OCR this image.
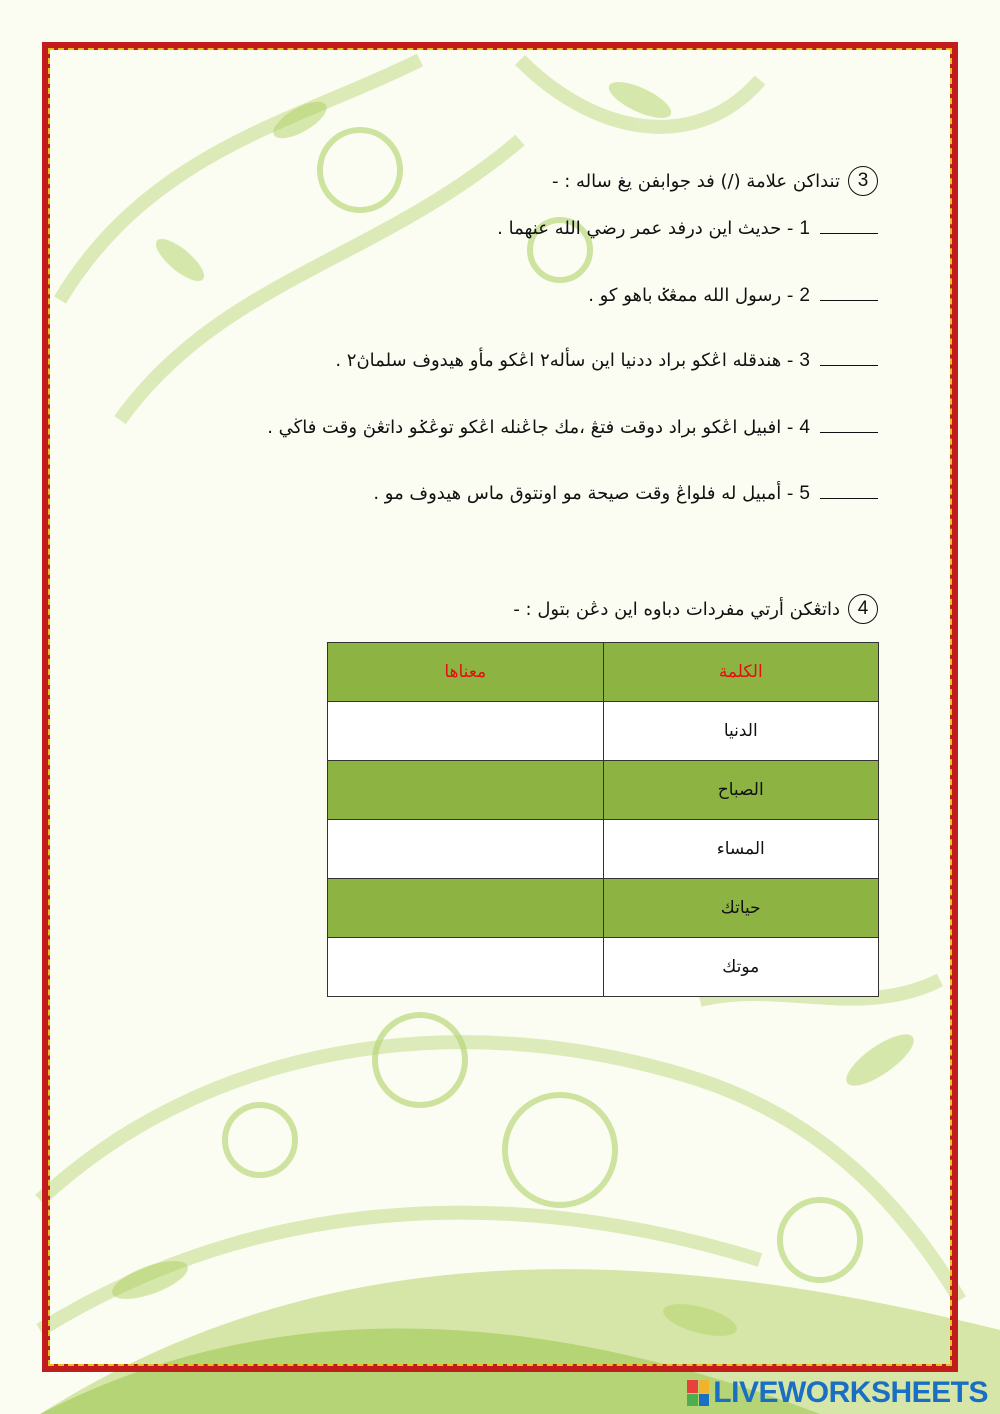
3
تنداكن علامة (/) فد جوابفن يغ ساله : -
1
- حديث اين درفد عمر رضي الله عنهما .
2
- رسول الله ممڠݢ باهو كو .
3
- هندقله اڠكو براد ددنيا اين سأله٢ اڠكو مأو هيدوف سلماڽ٢ .
4
- افبيل اڠكو براد دوقت فتڠ ،مك جاڠنله اڠكو توڠݢو داتڠڽ وقت فاڬي .
5
- أمبيل له فلواڠ وقت صيحة مو اونتوق ماس هيدوف مو .
4
داتڠكن أرتي مفردات دباوه اين دڠن بتول : -
الكلمة	معناها
الدنيا	
الصباح	
المساء	
حياتك	
موتك	
LIVEWORKSHEETS
